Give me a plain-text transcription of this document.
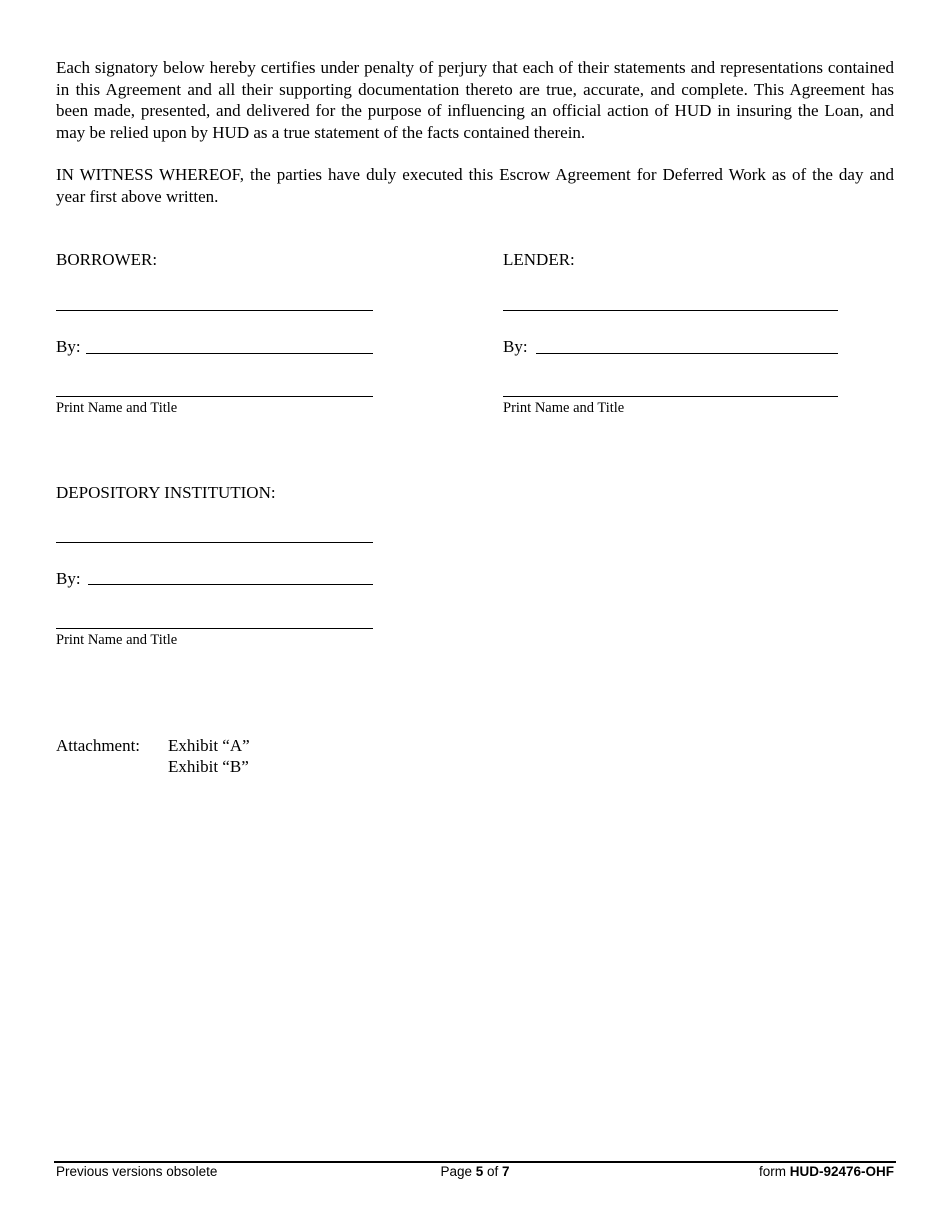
Each signatory below hereby certifies under penalty of perjury that each of their statements and representations contained in this Agreement and all their supporting documentation thereto are true, accurate, and complete. This Agreement has been made, presented, and delivered for the purpose of influencing an official action of HUD in insuring the Loan, and may be relied upon by HUD as a true statement of the facts contained therein.

IN WITNESS WHEREOF, the parties have duly executed this Escrow Agreement for Deferred Work as of the day and year first above written.

BORROWER:
By:
Print Name and Title
LENDER:
By:
Print Name and Title
DEPOSITORY INSTITUTION:
By:
Print Name and Title
Attachment: Exhibit “A”
Exhibit “B”
Previous versions obsolete	Page 5 of 7	form HUD-92476-OHF
